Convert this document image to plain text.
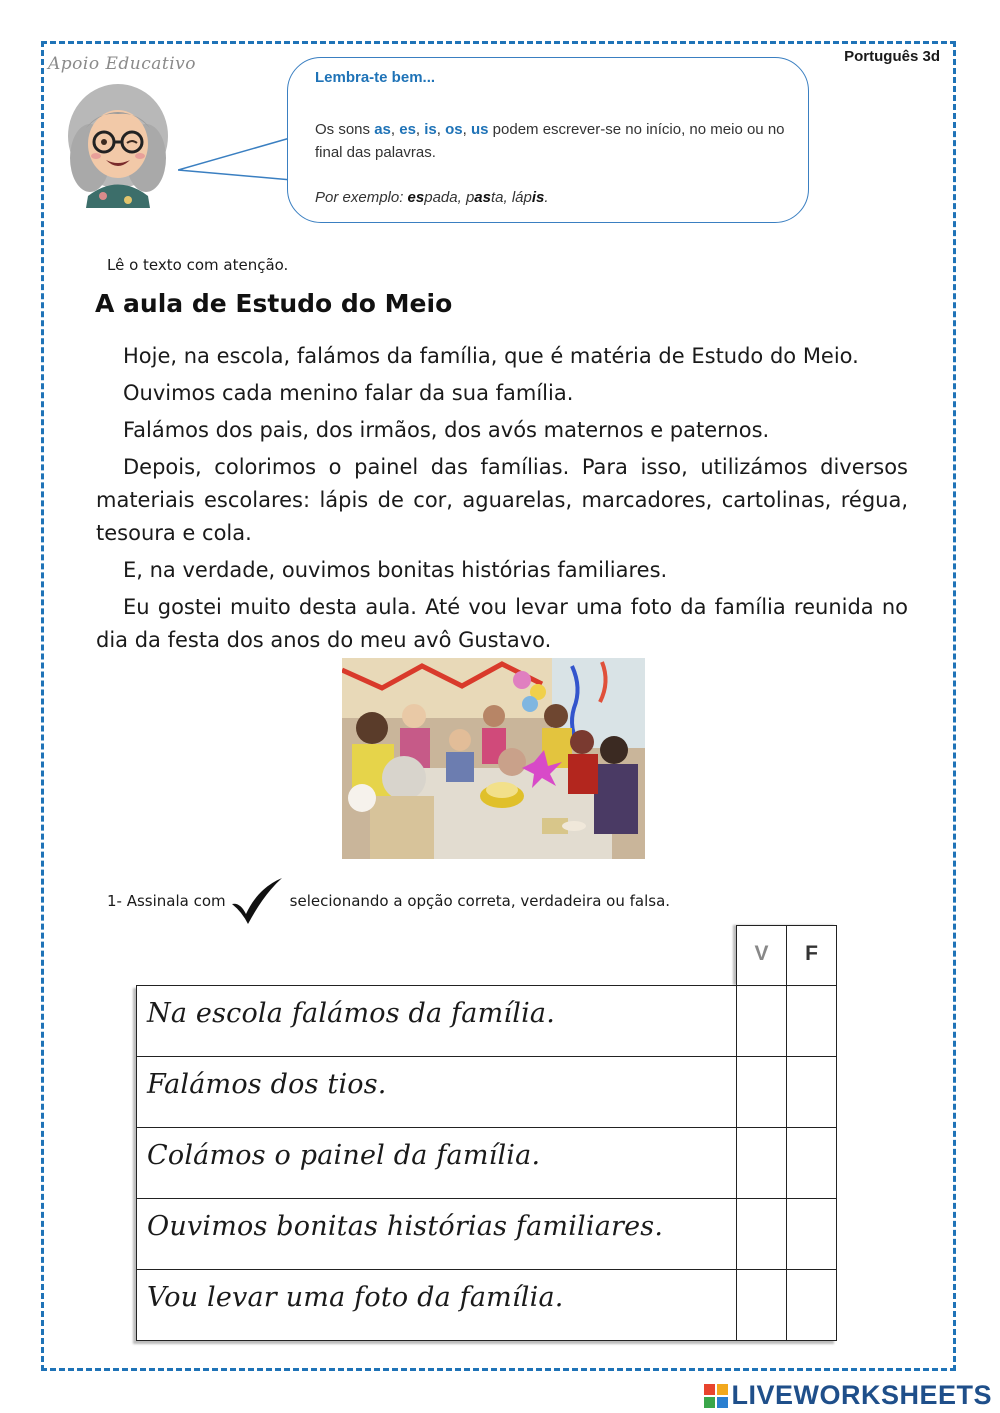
Apoio Educativo	Português 3d
Lembra-te bem...
Os sons as, es, is, os, us podem escrever-se no início, no meio ou no final das palavras.
Por exemplo: espada, pasta, lápis.
Lê o texto com atenção.
A aula de Estudo do Meio

Hoje, na escola, falámos da família, que é matéria de Estudo do Meio.

Ouvimos cada menino falar da sua família.

Falámos dos pais, dos irmãos, dos avós maternos e paternos.

Depois, colorimos o painel das famílias. Para isso, utilizámos diversos materiais escolares: lápis de cor, aguarelas, marcadores, cartolinas, régua, tesoura e cola.

E, na verdade, ouvimos bonitas histórias familiares.

Eu gostei muito desta aula. Até vou levar uma foto da família reunida no dia da festa dos anos do meu avô Gustavo.

1- Assinala com	selecionando a opção correta, verdadeira ou falsa.
V	F
Na escola falámos da família.
Falámos dos tios.
Colámos o painel da família.
Ouvimos bonitas histórias familiares.
Vou levar uma foto da família.
LIVEWORKSHEETS
